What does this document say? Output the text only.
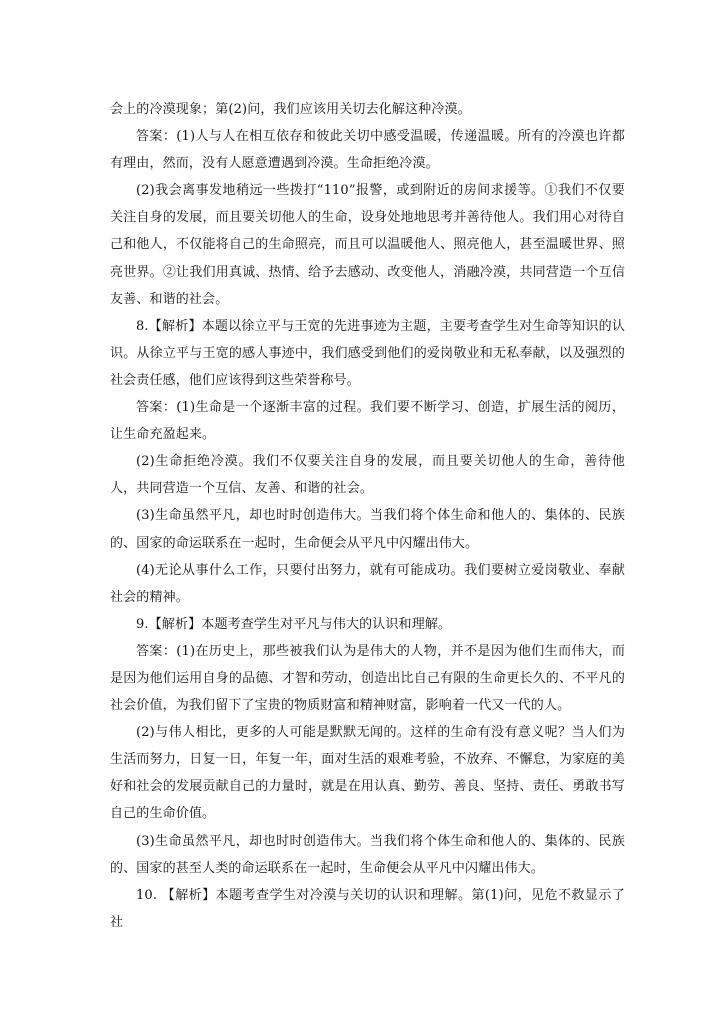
会上的冷漠现象；第(2)问，我们应该用关切去化解这种冷漠。

答案：(1)人与人在相互依存和彼此关切中感受温暖，传递温暖。所有的冷漠也许都有理由，然而，没有人愿意遭遇到冷漠。生命拒绝冷漠。

(2)我会离事发地稍远一些拨打“110”报警，或到附近的房间求援等。①我们不仅要关注自身的发展，而且要关切他人的生命，设身处地地思考并善待他人。我们用心对待自己和他人，不仅能将自己的生命照亮，而且可以温暖他人、照亮他人，甚至温暖世界、照亮世界。②让我们用真诚、热情、给予去感动、改变他人，消融冷漠，共同营造一个互信友善、和谐的社会。

8.【解析】本题以徐立平与王宽的先进事迹为主题，主要考查学生对生命等知识的认识。从徐立平与王宽的感人事迹中，我们感受到他们的爱岗敬业和无私奉献，以及强烈的社会责任感，他们应该得到这些荣誉称号。

答案：(1)生命是一个逐渐丰富的过程。我们要不断学习、创造，扩展生活的阅历，让生命充盈起来。

(2)生命拒绝冷漠。我们不仅要关注自身的发展，而且要关切他人的生命，善待他人，共同营造一个互信、友善、和谐的社会。

(3)生命虽然平凡，却也时时创造伟大。当我们将个体生命和他人的、集体的、民族的、国家的命运联系在一起时，生命便会从平凡中闪耀出伟大。

(4)无论从事什么工作，只要付出努力，就有可能成功。我们要树立爱岗敬业、奉献社会的精神。

9.【解析】本题考查学生对平凡与伟大的认识和理解。

答案：(1)在历史上，那些被我们认为是伟大的人物，并不是因为他们生而伟大，而是因为他们运用自身的品德、才智和劳动，创造出比自己有限的生命更长久的、不平凡的社会价值，为我们留下了宝贵的物质财富和精神财富，影响着一代又一代的人。

(2)与伟人相比，更多的人可能是默默无闻的。这样的生命有没有意义呢？当人们为生活而努力，日复一日，年复一年，面对生活的艰难考验，不放弃、不懈怠，为家庭的美好和社会的发展贡献自己的力量时，就是在用认真、勤劳、善良、坚持、责任、勇敢书写自己的生命价值。

(3)生命虽然平凡，却也时时创造伟大。当我们将个体生命和他人的、集体的、民族的、国家的甚至人类的命运联系在一起时，生命便会从平凡中闪耀出伟大。

10. 【解析】本题考查学生对冷漠与关切的认识和理解。第(1)问，见危不救显示了社
